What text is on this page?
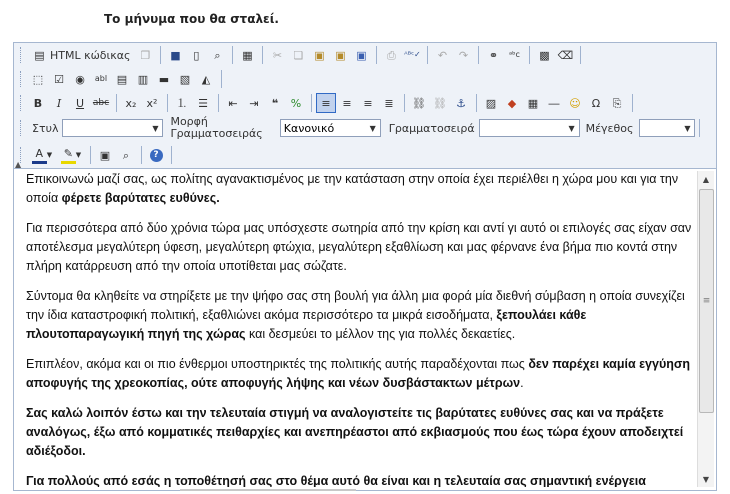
Το μήνυμα που θα σταλεί.
▤ HTML κώδικας ❐ ■	▯	⌕	▦ ✂ ❏ ▣ ▣ ▣ ⎙	ᴬᴮᶜ✓ ↶ ↷ ⚭	ᵃᵇc ▩ ⌫
⬚ ☑ ◉	abl ▤ ▥ ▬ ▧ ◭
B	I	U abc x₂ x² ⒈ ☰ ⇤ ⇥	❝	% ≡ ≡ ≡ ≣ ⛓ ⛓ ⚓ ▨ ◆ ▦ ― ☺ Ω ⎘
Στυλ	▼	Μορφή
Γραμματοσειράς Κανονικό	▼	Γραμματοσειρά	▼ Μέγεθος	▼
A ▼ ✎ ▼ ▣	⌕	?
▲

Επικοινωνώ μαζί σας, ως πολίτης αγανακτισμένος με την κατάσταση στην οποία έχει περιέλθει η χώρα μου και για την οποία φέρετε βαρύτατες ευθύνες.

Για περισσότερα από δύο χρόνια τώρα μας υπόσχεστε σωτηρία από την κρίση και αντί γι αυτό οι επιλογές σας είχαν σαν αποτέλεσμα μεγαλύτερη ύφεση, μεγαλύτερη φτώχια, μεγαλύτερη εξαθλίωση και μας φέρνανε ένα βήμα πιο κοντά στην πλήρη κατάρρευση από την οποία υποτίθεται μας σώζατε.

Σύντομα θα κληθείτε να στηρίξετε με την ψήφο σας στη βουλή για άλλη μια φορά μία διεθνή σύμβαση η οποία συνεχίζει την ίδια καταστροφική πολιτική, εξαθλιώνει ακόμα περισσότερο τα μικρά εισοδήματα, ξεπουλάει κάθε πλουτοπαραγωγική πηγή της χώρας και δεσμεύει το μέλλον της για πολλές δεκαετίες.

Επιπλέον, ακόμα και οι πιο ένθερμοι υποστηρικτές της πολιτικής αυτής παραδέχονται πως δεν παρέχει καμία εγγύηση αποφυγής της χρεοκοπίας, ούτε αποφυγής λήψης και νέων δυσβάστακτων μέτρων.

Σας καλώ λοιπόν έστω και την τελευταία στιγμή να αναλογιστείτε τις βαρύτατες ευθύνες σας και να πράξετε αναλόγως, έξω από κομματικές πειθαρχίες και ανεπηρέαστοι από εκβιασμούς που έως τώρα έχουν αποδειχτεί αδιέξοδοι.

Για πολλούς από εσάς η τοποθέτησή σας στο θέμα αυτό θα είναι και η τελευταία σας σημαντική ενέργεια

▲
≡
▼
